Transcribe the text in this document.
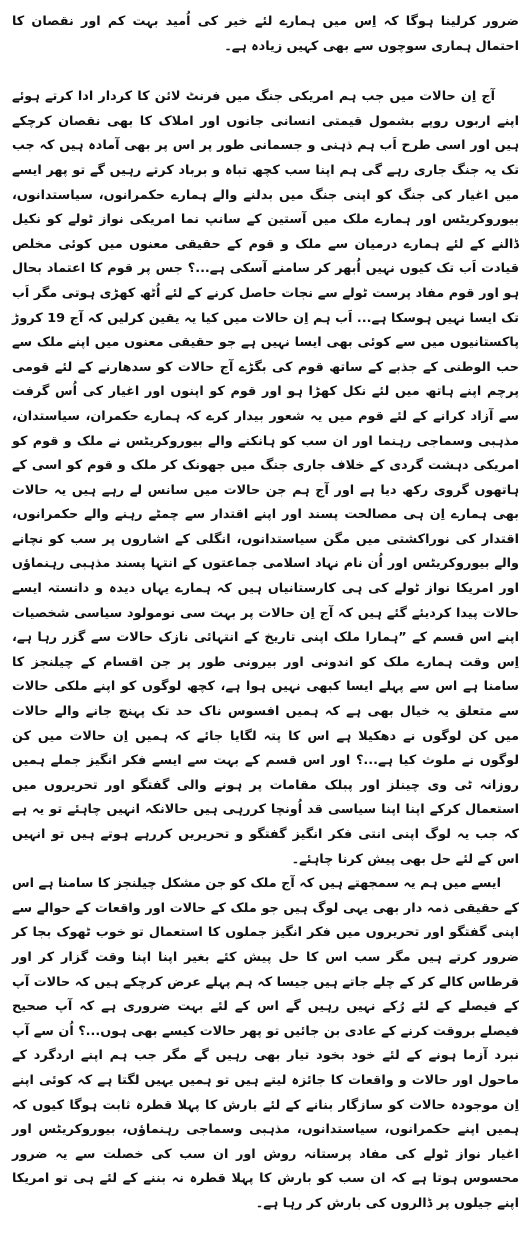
ضرور کرلینا ہوگا کہ اِس میں ہمارے لئے خیر کی اُمید بہت کم اور نقصان کا احتمال ہماری سوچوں سے بھی کہیں زیادہ ہے۔

آج اِن حالات میں جب ہم امریکی جنگ میں فرنٹ لائن کا کردار ادا کرتے ہوئے اپنے اربوں روپے بشمول قیمتی انسانی جانوں اور املاک کا بھی نقصان کرچکے ہیں اور اسی طرح اَب ہم ذہنی و جسمانی طور پر اس پر بھی آمادہ ہیں کہ جب تک یہ جنگ جاری رہے گی ہم اپنا سب کچھ تباہ و برباد کرتے رہیں گے تو پھر ایسے میں اغیار کی جنگ کو اپنی جنگ میں بدلنے والے ہمارے حکمرانوں، سیاستدانوں، بیوروکریٹس اور ہمارے ملک میں آستین کے سانپ نما امریکی نواز ٹولے کو نکیل ڈالنے کے لئے ہمارے درمیان سے ملک و قوم کے حقیقی معنوں میں کوئی مخلص قیادت اَب تک کیوں نہیں اُبھر کر سامنے آسکی ہے...؟ جس پر قوم کا اعتماد بحال ہو اور قوم مفاد پرست ٹولے سے نجات حاصل کرنے کے لئے اُٹھ کھڑی ہوتی مگر اَب تک ایسا نہیں ہوسکا ہے... اَب ہم اِن حالات میں کیا یہ یقین کرلیں کہ آج 19 کروڑ پاکستانیوں میں سے کوئی بھی ایسا نہیں ہے جو حقیقی معنوں میں اپنے ملک سے حب الوطنی کے جذبے کے ساتھ قوم کی بگڑے آج حالات کو سدھارنے کے لئے قومی پرچم اپنے ہاتھ میں لئے نکل کھڑا ہو اور قوم کو اپنوں اور اغیار کی اُس گرفت سے آزاد کرانے کے لئے قوم میں یہ شعور بیدار کرے کہ ہمارے حکمران، سیاستدان، مذہبی وسماجی رہنما اور ان سب کو ہانکنے والے بیوروکریٹس نے ملک و قوم کو امریکی دہشت گردی کے خلاف جاری جنگ میں جھونک کر ملک و قوم کو اسی کے ہاتھوں گروی رکھ دیا ہے اور آج ہم جن حالات میں سانس لے رہے ہیں یہ حالات بھی ہمارے اِن ہی مصالحت پسند اور اپنے اقتدار سے چمٹے رہنے والے حکمرانوں، اقتدار کی نوراکشتی میں مگن سیاستدانوں، انگلی کے اشاروں پر سب کو نچانے والے بیوروکریٹس اور اُن نام نہاد اسلامی جماعتوں کے انتہا پسند مذہبی رہنماؤں اور امریکا نواز ٹولے کی ہی کارستانیاں ہیں کہ ہمارے یہاں دیدہ و دانستہ ایسے حالات پیدا کردیئے گئے ہیں کہ آج اِن حالات پر بہت سی نومولود سیاسی شخصیات اپنے اس قسم کے ”ہمارا ملک اپنی تاریخ کے انتہائی نازک حالات سے گزر رہا ہے، اِس وقت ہمارے ملک کو اندونی اور بیرونی طور پر جن اقسام کے چیلنجز کا سامنا ہے اس سے پہلے ایسا کبھی نہیں ہوا ہے، کچھ لوگوں کو اپنے ملکی حالات سے متعلق یہ خیال بھی ہے کہ ہمیں افسوس ناک حد تک پہنچ جانے والے حالات میں کن لوگوں نے دھکیلا ہے اس کا پتہ لگایا جائے کہ ہمیں اِن حالات میں کن لوگوں نے ملوث کیا ہے...؟ اور اس قسم کے بہت سے ایسے فکر انگیز جملے ہمیں روزانہ ٹی وی چینلز اور پبلک مقامات پر ہونے والی گفتگو اور تحریروں میں استعمال کرکے اپنا اپنا سیاسی قد اُونچا کررہی ہیں حالانکہ انہیں چاہئے تو یہ ہے کہ جب یہ لوگ اپنی انتی فکر انگیز گفتگو و تحریریں کررہے ہوتے ہیں تو انہیں اس کے لئے حل بھی پیش کرنا چاہئے۔

ایسے میں ہم یہ سمجھتے ہیں کہ آج ملک کو جن مشکل چیلنجز کا سامنا ہے اس کے حقیقی ذمہ دار بھی یہی لوگ ہیں جو ملک کے حالات اور واقعات کے حوالے سے اپنی گفتگو اور تحریروں میں فکر انگیز جملوں کا استعمال تو خوب ٹھوک بجا کر ضرور کرتے ہیں مگر سب اس کا حل پیش کئے بغیر اپنا اپنا وقت گزار کر اور قرطاس کالے کر کے چلے جاتے ہیں جیسا کہ ہم پہلے عرض کرچکے ہیں کہ حالات آپ کے فیصلے کے لئے رُکے نہیں رہیں گے اس کے لئے بہت ضروری ہے کہ آپ صحیح فیصلے بروقت کرنے کے عادی بن جائیں تو پھر حالات کیسے بھی ہوں...؟ اُن سے آپ نبرد آزما ہونے کے لئے خود بخود تیار بھی رہیں گے مگر جب ہم اپنے اردگرد کے ماحول اور حالات و واقعات کا جائزہ لیتے ہیں تو ہمیں یہیں لگتا ہے کہ کوئی اپنے اِن موجودہ حالات کو سازگار بنانے کے لئے بارش کا پہلا قطرہ ثابت ہوگا کیوں کہ ہمیں اپنے حکمرانوں، سیاستدانوں، مذہبی وسماجی رہنماؤں، بیوروکریٹس اور اغیار نواز ٹولے کی مفاد پرستانہ روش اور ان سب کی خصلت سے یہ ضرور محسوس ہوتا ہے کہ ان سب کو بارش کا پہلا قطرہ نہ بننے کے لئے ہی تو امریکا اپنے جیلوں پر ڈالروں کی بارش کر رہا ہے۔
